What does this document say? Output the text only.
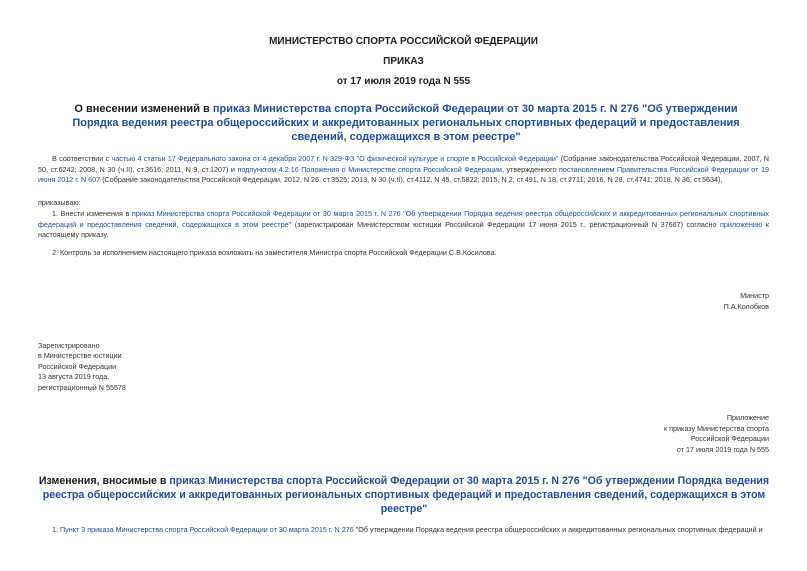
МИНИСТЕРСТВО СПОРТА РОССИЙСКОЙ ФЕДЕРАЦИИ
ПРИКАЗ
от 17 июля 2019 года N 555
О внесении изменений в приказ Министерства спорта Российской Федерации от 30 марта 2015 г. N 276 "Об утверждении Порядка ведения реестра общероссийских и аккредитованных региональных спортивных федераций и предоставления сведений, содержащихся в этом реестре"
В соответствии с частью 4 статьи 17 Федерального закона от 4 декабря 2007 г. N 329-ФЗ "О физической культуре и спорте в Российской Федерации" (Собрание законодательства Российской Федерации, 2007, N 50, ст.6242; 2008, N 30 (ч.II), ст.3616; 2011, N 9, ст.1207) и подпунктом 4.2.16 Положения о Министерстве спорта Российской Федерации, утвержденного постановлением Правительства Российской Федерации от 19 июня 2012 г. N 607 (Собрание законодательства Российской Федерации, 2012, N 26, ст.3525; 2013, N 30 (ч.II), ст.4112, N 45, ст.5822; 2015, N 2, ст.491, N 18, ст.2711; 2016, N 28, ст.4741; 2018, N 36, ст.5634),
приказываю:
1. Внести изменения в приказ Министерства спорта Российской Федерации от 30 марта 2015 г. N 276 "Об утверждении Порядка ведения реестра общероссийских и аккредитованных региональных спортивных федераций и предоставления сведений, содержащихся в этом реестре" (зарегистрирован Министерством юстиции Российской Федерации 17 июня 2015 г., регистрационный N 37667) согласно приложению к настоящему приказу.
2. Контроль за исполнением настоящего приказа возложить на заместителя Министра спорта Российской Федерации С.В.Косилова.
Министр
П.А.Колобков
Зарегистрировано
в Министерстве юстиции
Российской Федерации
13 августа 2019 года,
регистрационный N 55578
Приложение
к приказу Министерства спорта
Российской Федерации
от 17 июля 2019 года N 555
Изменения, вносимые в приказ Министерства спорта Российской Федерации от 30 марта 2015 г. N 276 "Об утверждении Порядка ведения реестра общероссийских и аккредитованных региональных спортивных федераций и предоставления сведений, содержащихся в этом реестре"
1. Пункт 3 приказа Министерства спорта Российской Федерации от 30 марта 2015 г. N 276 "Об утверждении Порядка ведения реестра общероссийских и аккредитованных региональных спортивных федераций и
